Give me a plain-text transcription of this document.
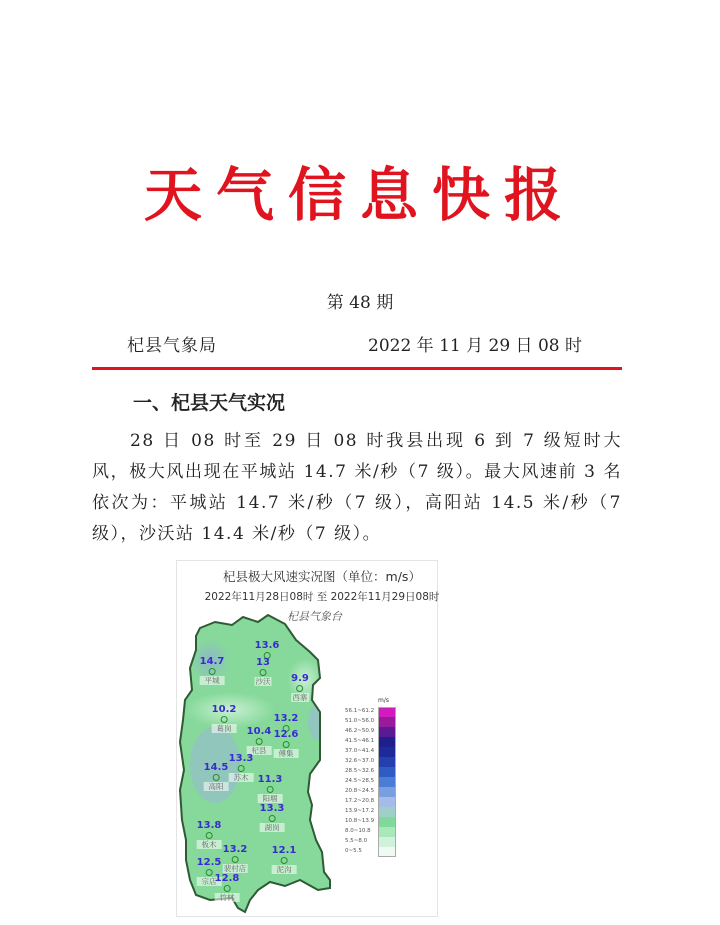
天气信息快报
第 48 期
杞县气象局	2022 年 11 月 29 日 08 时
一、杞县天气实况

28 日 08 时至 29 日 08 时我县出现 6 到 7 级短时大风，极大风出现在平城站 14.7 米/秒（7 级）。最大风速前 3 名依次为：平城站 14.7 米/秒（7 级），高阳站 14.5 米/秒（7 级），沙沃站 14.4 米/秒（7 级）。

杞县极大风速实况图（单位：m/s）
2022年11月28日08时 至 2022年11月29日08时
杞县气象台
14.7
平城
13.6
13
沙沃 9.9
西寨
10.2
葛岗
13.2
10.4
杞县
12.6
傅集
13.3
苏木
14.5
高阳
11.3
阳堌
13.3
湖岗
13.8
板木 13.2
裴村店
12.1
泥沟
12.5
宗店
12.8
竹林
m/s
56.1~61.2
51.0~56.0
46.2~50.9
41.5~46.1
37.0~41.4
32.6~37.0
28.5~32.6
24.5~28.5
20.8~24.5
17.2~20.8
13.9~17.2
10.8~13.9
8.0~10.8
5.5~8.0
0~5.5
